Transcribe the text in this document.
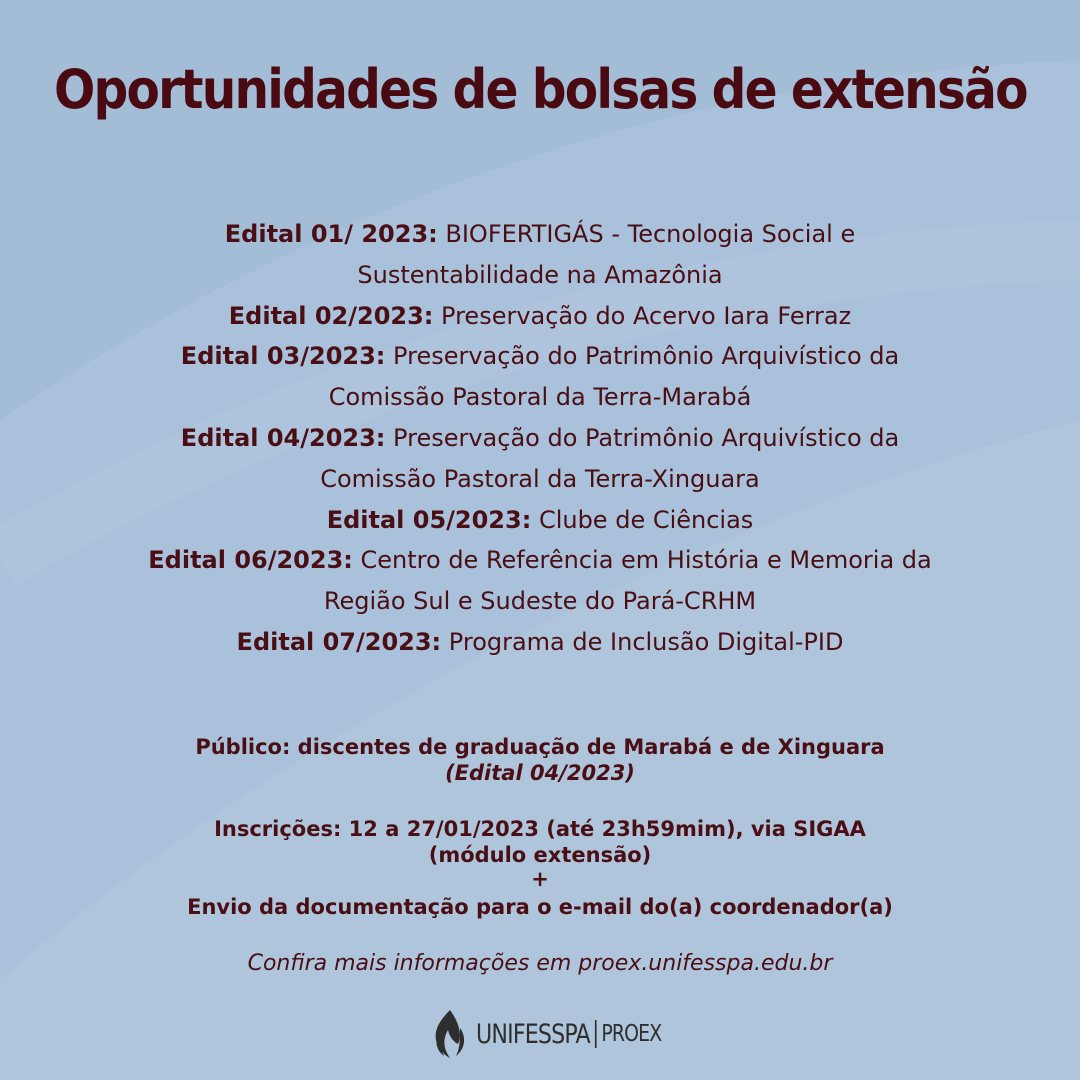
Oportunidades de bolsas de extensão
Edital 01/ 2023: BIOFERTIGÁS - Tecnologia Social e
Sustentabilidade na Amazônia
Edital 02/2023: Preservação do Acervo Iara Ferraz
Edital 03/2023: Preservação do Patrimônio Arquivístico da
Comissão Pastoral da Terra-Marabá
Edital 04/2023: Preservação do Patrimônio Arquivístico da
Comissão Pastoral da Terra-Xinguara
Edital 05/2023: Clube de Ciências
Edital 06/2023: Centro de Referência em História e Memoria da
Região Sul e Sudeste do Pará-CRHM
Edital 07/2023: Programa de Inclusão Digital-PID
Público: discentes de graduação de Marabá e de Xinguara
(Edital 04/2023)
Inscrições: 12 a 27/01/2023 (até 23h59mim), via SIGAA
(módulo extensão)
+
Envio da documentação para o e-mail do(a) coordenador(a)
Confira mais informações em proex.unifesspa.edu.br
UNIFESSPA PROEX
